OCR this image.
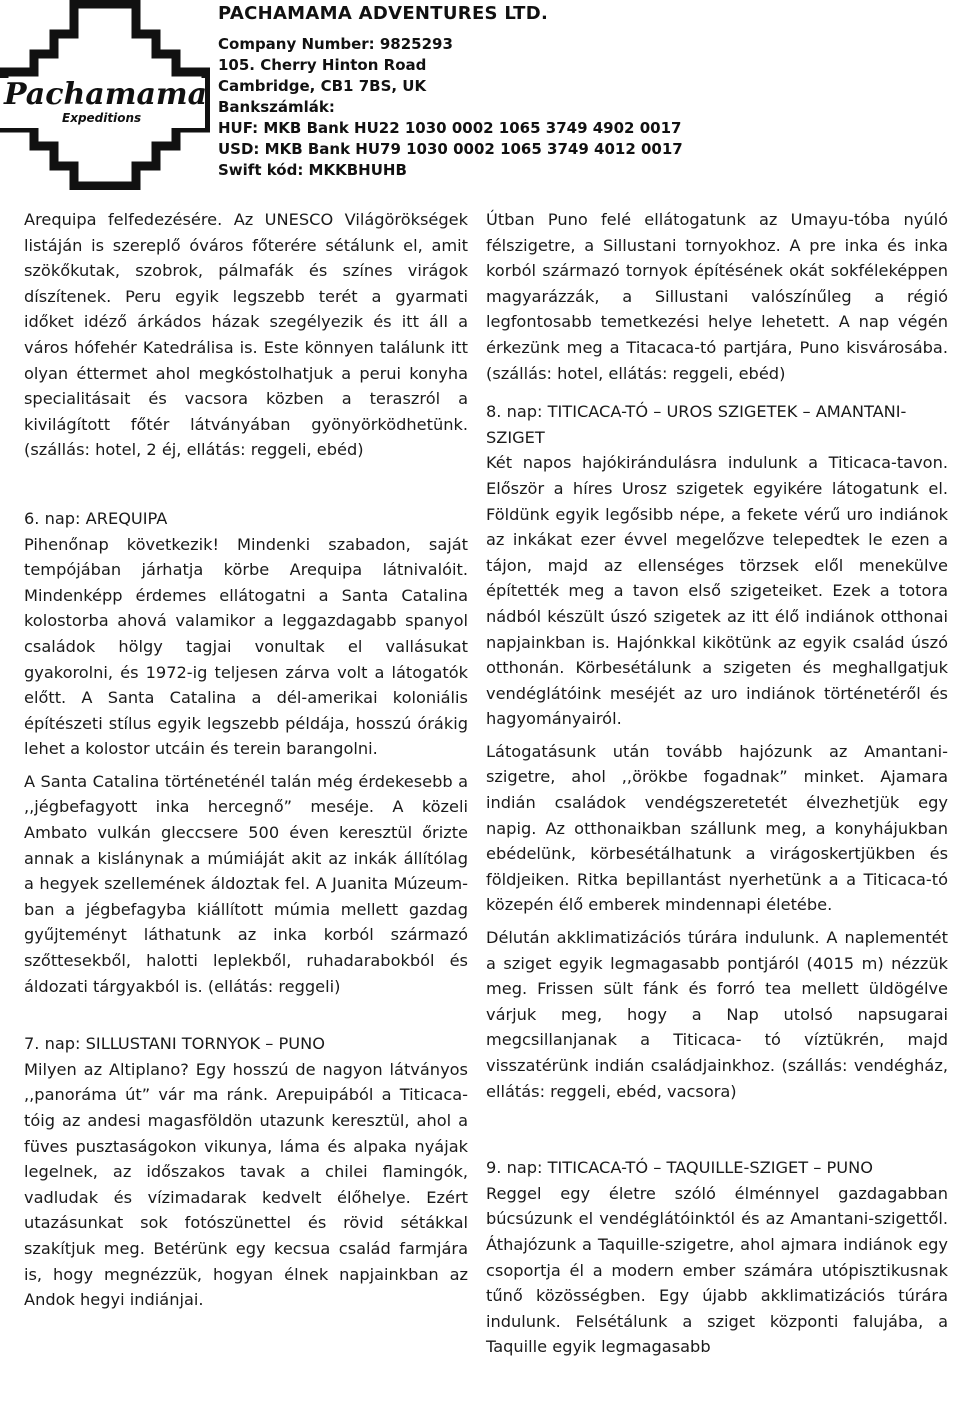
Pachamama
Expeditions
PACHAMAMA ADVENTURES LTD.
Company Number: 9825293
105. Cherry Hinton Road
Cambridge, CB1 7BS, UK
Bankszámlák:
HUF: MKB Bank HU22 1030 0002 1065 3749 4902 0017
USD: MKB Bank HU79 1030 0002 1065 3749 4012 0017
Swift kód: MKKBHUHB

Arequipa felfedezésére. Az UNESCO Világörökségek listáján is szereplő óváros főterére sétálunk el, amit szökőkutak, szobrok, pálmafák és színes virágok díszítenek. Peru egyik legszebb terét a gyarmati időket idéző árkádos házak szegélyezik és itt áll a város hófehér Katedrálisa is. Este könnyen találunk itt olyan éttermet ahol megkóstolhatjuk a perui konyha specialitásait és vacsora közben a teraszról a kivilágított főtér látványában gyönyörködhetünk. (szállás: hotel, 2 éj, ellátás: reggeli, ebéd)

6. nap: AREQUIPA

Pihenőnap következik! Mindenki szabadon, saját tempójában járhatja körbe Arequipa látnivalóit. Mindenképp érdemes ellátogatni a Santa Catalina kolostorba ahová valamikor a leggazdagabb spanyol családok hölgy tagjai vonultak el vallásukat gyakorolni, és 1972-ig teljesen zárva volt a látogatók előtt. A Santa Catalina a dél-amerikai koloniális építészeti stílus egyik legszebb példája, hosszú órákig lehet a kolostor utcáin és terein barangolni.

A Santa Catalina történeténél talán még érdekesebb a ,,jégbefagyott inka hercegnő” meséje. A közeli Ambato vulkán gleccsere 500 éven keresztül őrizte annak a kislánynak a múmiáját akit az inkák állítólag a hegyek szellemének áldoztak fel. A Juanita Múzeum-ban a jégbefagyba kiállított múmia mellett gazdag gyűjteményt láthatunk az inka korból származó szőttesekből, halotti leplekből, ruhadarabokból és áldozati tárgyakból is. (ellátás: reggeli)

7. nap: SILLUSTANI TORNYOK – PUNO

Milyen az Altiplano? Egy hosszú de nagyon látványos ,,panoráma út” vár ma ránk. Arepuipából a Titicaca-tóig az andesi magasföldön utazunk keresztül, ahol a füves pusztaságokon vikunya, láma és alpaka nyájak legelnek, az időszakos tavak a chilei flamingók, vadludak és vízimadarak kedvelt élőhelye. Ezért utazásunkat sok fotószünettel és rövid sétákkal szakítjuk meg. Betérünk egy kecsua család farmjára is, hogy megnézzük, hogyan élnek napjainkban az Andok hegyi indiánjai.

Útban Puno felé ellátogatunk az Umayu-tóba nyúló félszigetre, a Sillustani tornyokhoz. A pre inka és inka korból származó tornyok építésének okát sokféleképpen magyarázzák, a Sillustani valószínűleg a régió legfontosabb temetkezési helye lehetett. A nap végén érkezünk meg a Titacaca-tó partjára, Puno kisvárosába. (szállás: hotel, ellátás: reggeli, ebéd)

8. nap: TITICACA-TÓ – UROS SZIGETEK – AMANTANI-SZIGET

Két napos hajókirándulásra indulunk a Titicaca-tavon. Először a híres Urosz szigetek egyikére látogatunk el. Földünk egyik legősibb népe, a fekete vérű uro indiánok az inkákat ezer évvel megelőzve telepedtek le ezen a tájon, majd az ellenséges törzsek elől menekülve építették meg a tavon első szigeteiket. Ezek a totora nádból készült úszó szigetek az itt élő indiánok otthonai napjainkban is. Hajónkkal kikötünk az egyik család úszó otthonán. Körbesétálunk a szigeten és meghallgatjuk vendéglátóink meséjét az uro indiánok történetéről és hagyományairól.

Látogatásunk után tovább hajózunk az Amantani-szigetre, ahol ,,örökbe fogadnak” minket. Ajamara indián családok vendégszeretetét élvezhetjük egy napig. Az otthonaikban szállunk meg, a konyhájukban ebédelünk, körbesétálhatunk a virágoskertjükben és földjeiken. Ritka bepillantást nyerhetünk a a Titicaca-tó közepén élő emberek mindennapi életébe.

Délután akklimatizációs túrára indulunk. A naplementét a sziget egyik legmagasabb pontjáról (4015 m) nézzük meg. Frissen sült fánk és forró tea mellett üldögélve várjuk meg, hogy a Nap utolsó napsugarai megcsillanjanak a Titicaca- tó víztükrén, majd visszatérünk indián családjainkhoz. (szállás: vendégház, ellátás: reggeli, ebéd, vacsora)

9. nap: TITICACA-TÓ – TAQUILLE-SZIGET – PUNO

Reggel egy életre szóló élménnyel gazdagabban búcsúzunk el vendéglátóinktól és az Amantani-szigettől. Áthajózunk a Taquille-szigetre, ahol ajmara indiánok egy csoportja él a modern ember számára utópisztikusnak tűnő közösségben. Egy újabb akklimatizációs túrára indulunk. Felsétálunk a sziget központi falujába, a Taquille egyik legmagasabb
